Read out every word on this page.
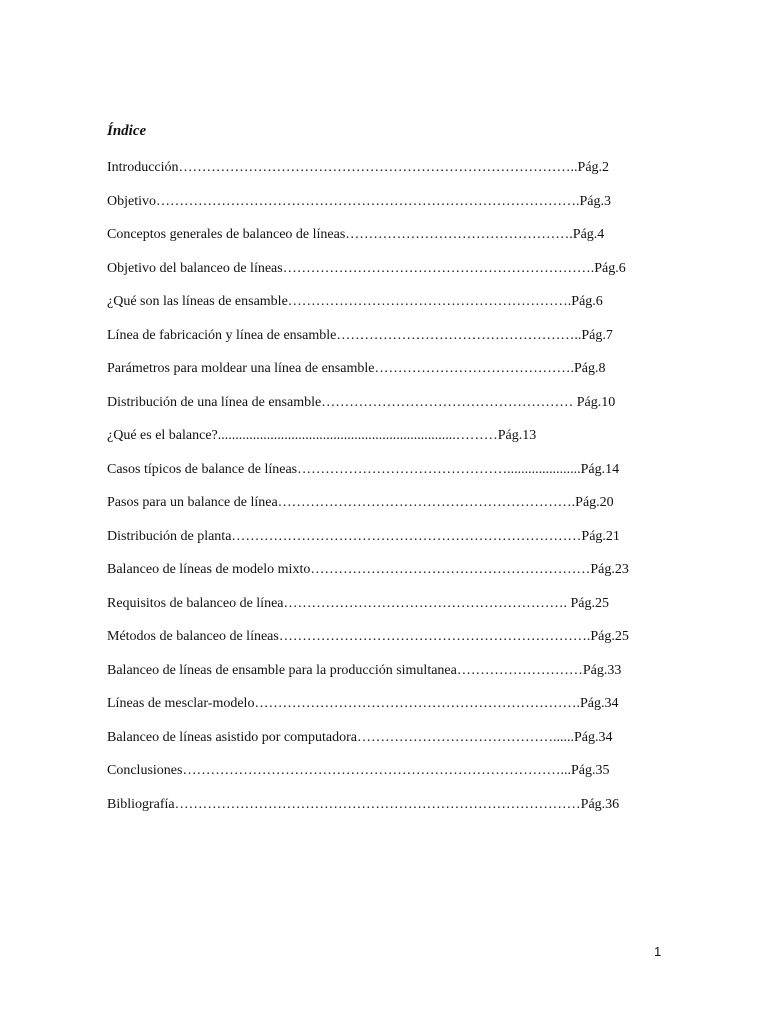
Índice
Introducción…………………………………………………………………………..Pág.2
Objetivo……………………………………………………………………………….Pág.3
Conceptos generales de balanceo de líneas………………………………………….Pág.4
Objetivo del balanceo de líneas………………………………………………………….Pág.6
¿Qué son las líneas de ensamble…………………………………………………….Pág.6
Línea de fabricación y línea de ensamble……………………………………………..Pág.7
Parámetros para moldear una línea de ensamble…………………………………….Pág.8
Distribución de una línea de ensamble……………………………………………… Pág.10
¿Qué es el balance?....................................................................………Pág.13
Casos típicos de balance de líneas……………………………………….....................Pág.14
Pasos para un balance de línea……………………………………………………….Pág.20
Distribución de planta…………………………………………………………………Pág.21
Balanceo de líneas de modelo mixto……………………………………………………Pág.23
Requisitos de balanceo de línea……………………………………………………. Pág.25
Métodos de balanceo de líneas………………………………………………………….Pág.25
Balanceo de líneas de ensamble para la producción simultanea………………………Pág.33
Líneas de mesclar-modelo…………………………………………………………….Pág.34
Balanceo de líneas asistido por computadora……………………………………......Pág.34
Conclusiones………………………………………………………………………...Pág.35
Bibliografía……………………………………………………………………………Pág.36

1
